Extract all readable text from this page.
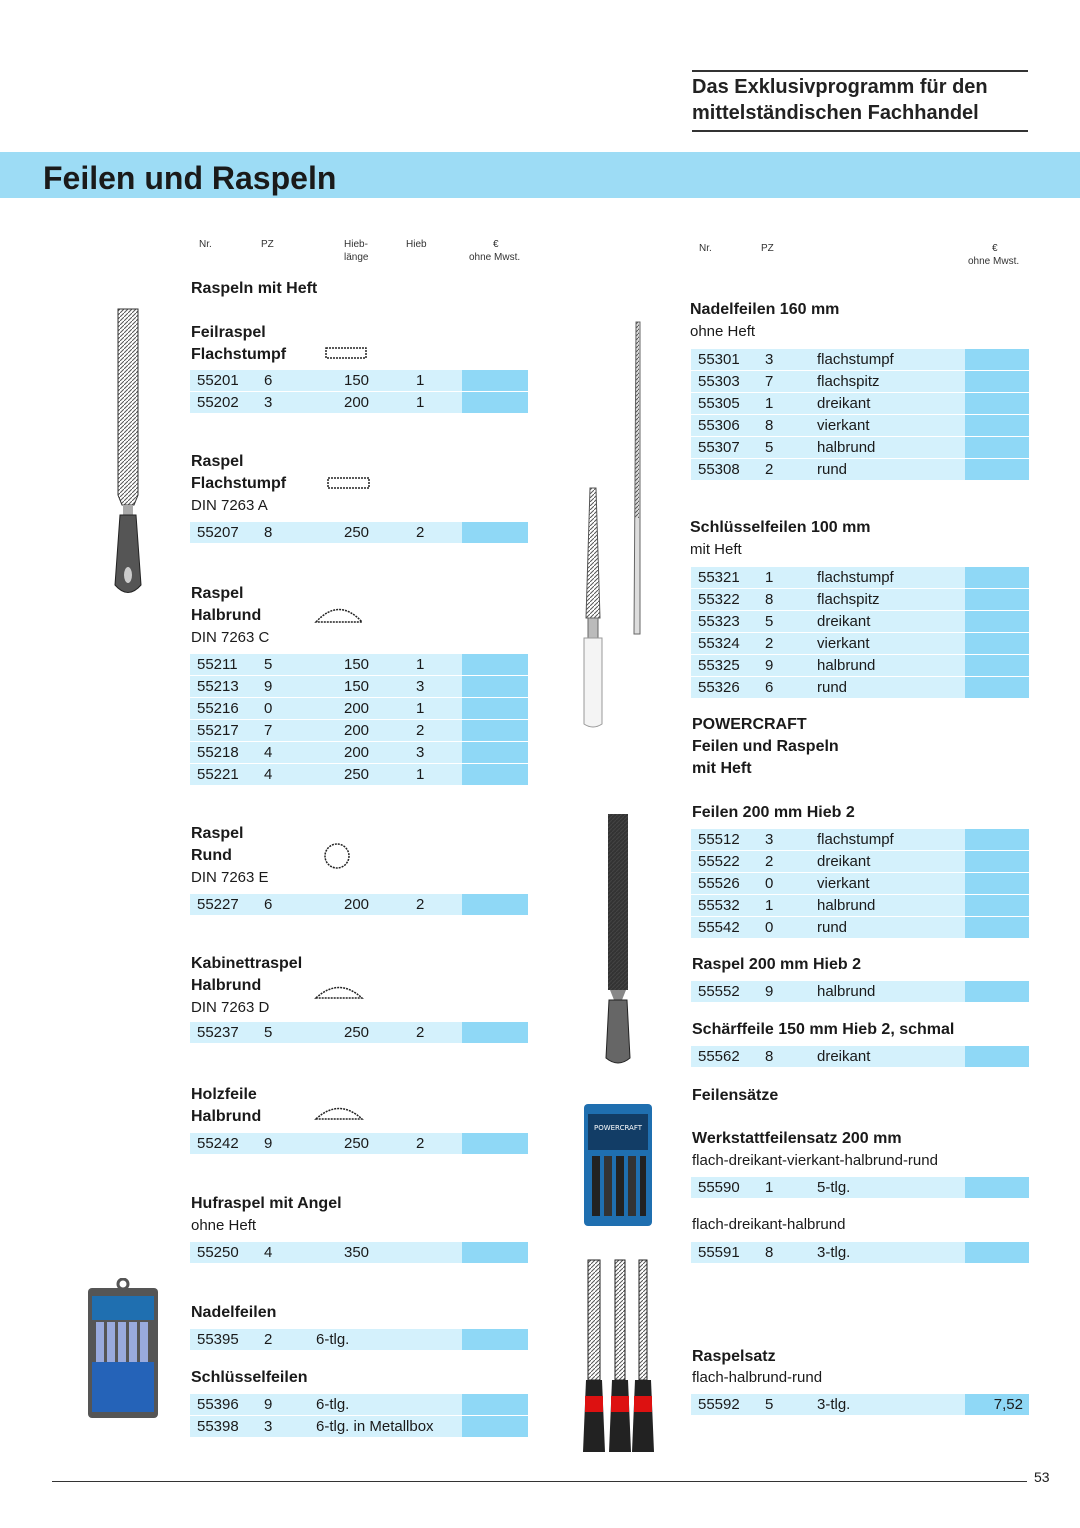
Das Exklusivprogramm für den
mittelständischen Fachhandel
Feilen und Raspeln
Nr.	PZ	Hieb-
länge
Hieb	€
ohne Mwst.
Nr.	PZ	€
ohne Mwst.
Raspeln mit Heft
Feilraspel
Flachstumpf
55201 6	150	1
55202 3	200	1
Raspel
Flachstumpf
DIN 7263 A
55207 8	250	2
Raspel
Halbrund
DIN 7263 C
55211 5	150	1
55213 9	150	3
55216 0	200	1
55217 7	200	2
55218 4	200	3
55221 4	250	1
Raspel
Rund
DIN 7263 E
55227 6	200	2
Kabinettraspel
Halbrund
DIN 7263 D
55237 5	250	2
Holzfeile
Halbrund
55242 9	250	2
Hufraspel mit Angel
ohne Heft
55250 4	350
Nadelfeilen
55395 2	6-tlg.
Schlüsselfeilen
55396 9	6-tlg.
55398 3	6-tlg. in Metallbox
Nadelfeilen 160 mm
ohne Heft
55301 3	flachstumpf
55303 7	flachspitz
55305 1	dreikant
55306 8	vierkant
55307 5	halbrund
55308 2	rund
Schlüsselfeilen 100 mm
mit Heft
55321 1	flachstumpf
55322 8	flachspitz
55323 5	dreikant
55324 2	vierkant
55325 9	halbrund
55326 6	rund
POWERCRAFT
Feilen und Raspeln
mit Heft
Feilen 200 mm Hieb 2
55512 3	flachstumpf
55522 2	dreikant
55526 0	vierkant
55532 1	halbrund
55542 0	rund
Raspel 200 mm Hieb 2
55552 9	halbrund
Schärffeile 150 mm Hieb 2, schmal
55562 8	dreikant
Feilensätze
Werkstattfeilensatz 200 mm
flach-dreikant-vierkant-halbrund-rund
55590 1	5-tlg.
flach-dreikant-halbrund
55591 8	3-tlg.
Raspelsatz
flach-halbrund-rund
55592 5	3-tlg.	7,52
POWERCRAFT
53
